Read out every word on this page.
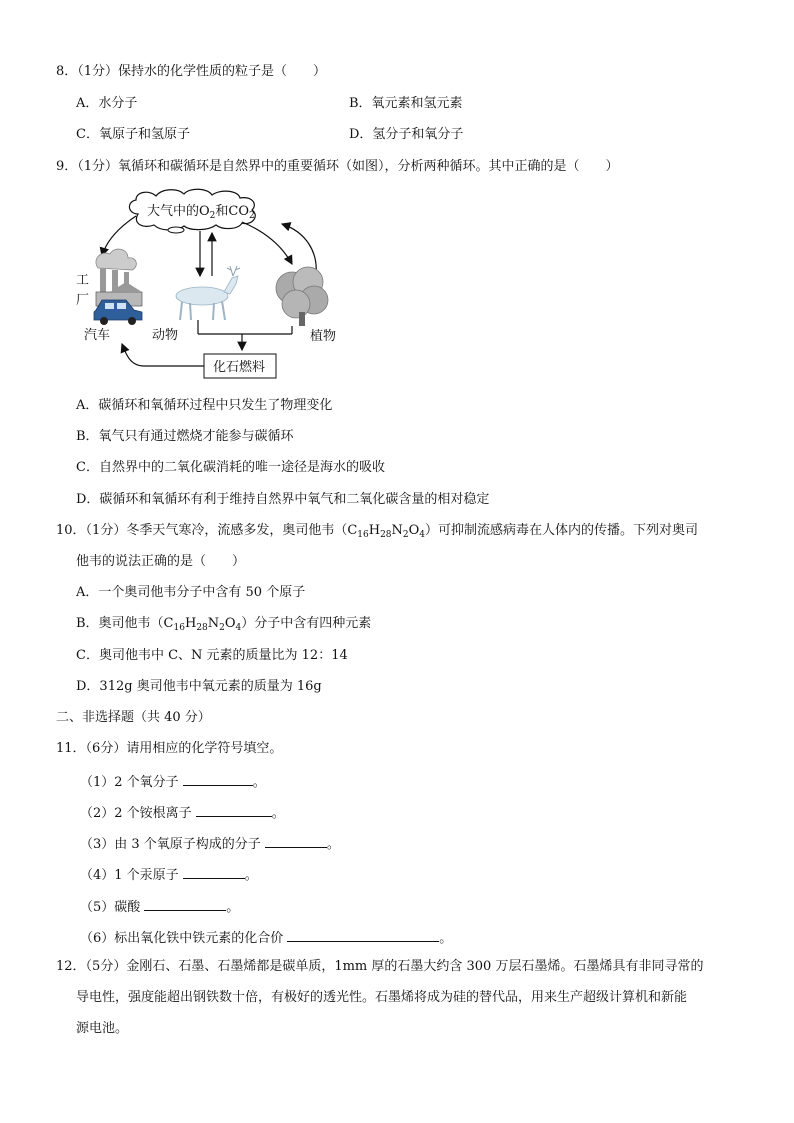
8．（1分）保持水的化学性质的粒子是（　　）
A．水分子	B．氧元素和氢元素
C．氧原子和氢原子	D．氢分子和氧分子
9．（1分）氧循环和碳循环是自然界中的重要循环（如图），分析两种循环。其中正确的是（　　）
大气中的$O_2$和$CO_2$
工
厂
汽车	动物	植物
化石燃料
A．碳循环和氧循环过程中只发生了物理变化
B．氧气只有通过燃烧才能参与碳循环
C．自然界中的二氧化碳消耗的唯一途径是海水的吸收
D．碳循环和氧循环有利于维持自然界中氧气和二氧化碳含量的相对稳定
10．（1分）冬季天气寒冷，流感多发，奥司他韦$(C_{16}H_{28}N_2O_4)$可抑制流感病毒在人体内的传播。下列对奥司
他韦的说法正确的是（　　）
A．一个奥司他韦分子中含有 50 个原子
B．奥司他韦$(C_{16}H_{28}N_2O_4)$分子中含有四种元素
C．奥司他韦中 C、N 元素的质量比为 12：14
D．312g 奥司他韦中氧元素的质量为 16g
二、非选择题（共 40 分）
11．（6分）请用相应的化学符号填空。
（1）2 个氧分子	。
（2）2 个铵根离子	。
（3）由 3 个氧原子构成的分子	。
（4）1 个汞原子	。
（5）碳酸	。
（6）标出氧化铁中铁元素的化合价	。
12．（5分）金刚石、石墨、石墨烯都是碳单质，1mm 厚的石墨大约含 300 万层石墨烯。石墨烯具有非同寻常的
导电性，强度能超出钢铁数十倍，有极好的透光性。石墨烯将成为硅的替代品，用来生产超级计算机和新能
源电池。
